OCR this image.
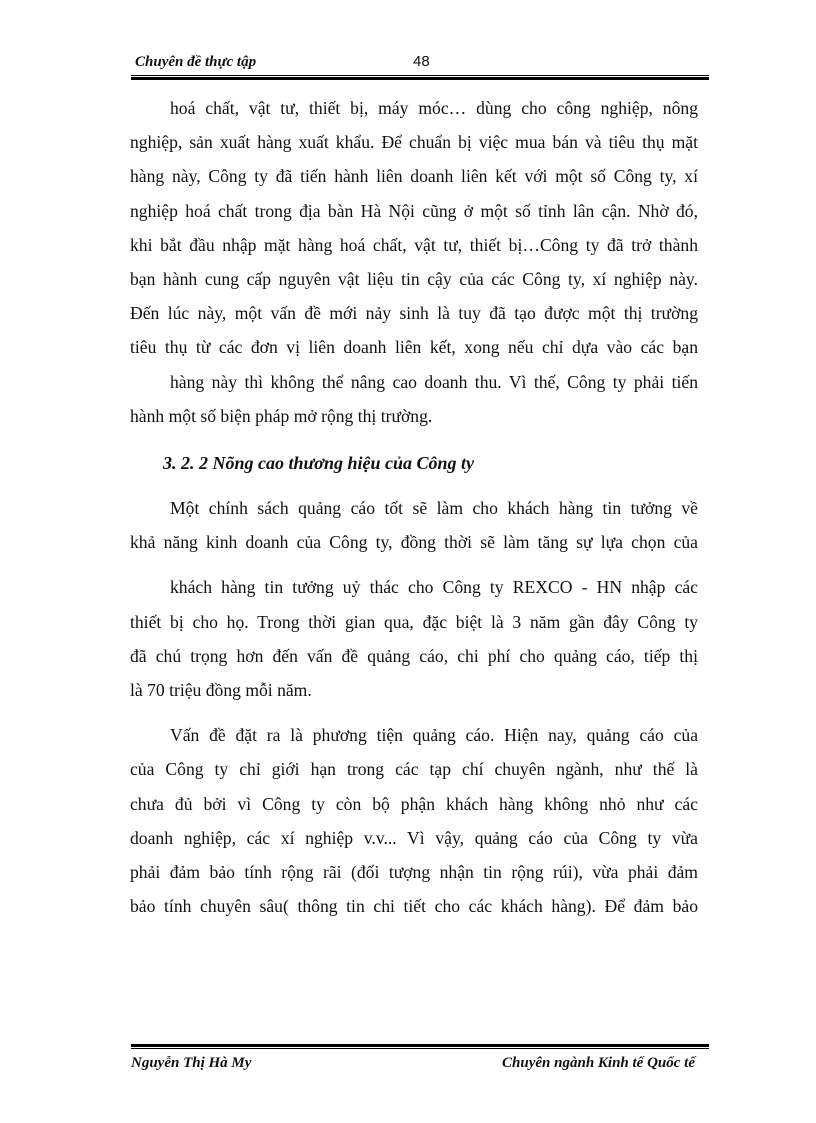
Chuyên đề thực tập	48

hoá chất, vật tư, thiết bị, máy móc… dùng cho công nghiệp, nông
nghiệp, sản xuất hàng xuất khẩu. Để chuẩn bị việc mua bán và tiêu thụ mặt
hàng này, Công ty đã tiến hành liên doanh liên kết với một số Công ty, xí
nghiệp hoá chất trong địa bàn Hà Nội cũng ở một số tỉnh lân cận. Nhờ đó,
khi bắt đầu nhập mặt hàng hoá chất, vật tư, thiết bị…Công ty đã trở thành
bạn hành cung cấp nguyên vật liệu tin cậy của các Công ty, xí nghiệp này.
Đến lúc này, một vấn đề mới nảy sinh là tuy đã tạo được một thị trường
tiêu thụ từ các đơn vị liên doanh liên kết, xong nếu chỉ dựa vào các bạn

hàng này thì không thể nâng cao doanh thu. Vì thế, Công ty phải tiến
hành một số biện pháp mở rộng thị trường.

3. 2. 2 Nõng cao thương hiệu của Công ty

Một chính sách quảng cáo tốt sẽ làm cho khách hàng tin tưởng về
khả năng kinh doanh của Công ty, đồng thời sẽ làm tăng sự lựa chọn của

khách hàng tin tưởng uỷ thác cho Công ty REXCO - HN nhập các
thiết bị cho họ. Trong thời gian qua, đặc biệt là 3 năm gần đây Công ty
đã chú trọng hơn đến vấn đề quảng cáo, chi phí cho quảng cáo, tiếp thị
là 70 triệu đồng mỗi năm.

Vấn đề đặt ra là phương tiện quảng cáo. Hiện nay, quảng cáo của
của Công ty chỉ giới hạn trong các tạp chí chuyên ngành, như thế là
chưa đủ bởi vì Công ty còn bộ phận khách hàng không nhỏ như các
doanh nghiệp, các xí nghiệp v.v... Vì vậy, quảng cáo của Công ty vừa
phải đảm bảo tính rộng rãi (đối tượng nhận tin rộng rúi), vừa phải đảm
bảo tính chuyên sâu( thông tin chi tiết cho các khách hàng). Để đảm bảo

Nguyễn Thị Hà My	Chuyên ngành Kinh tế Quốc tế
